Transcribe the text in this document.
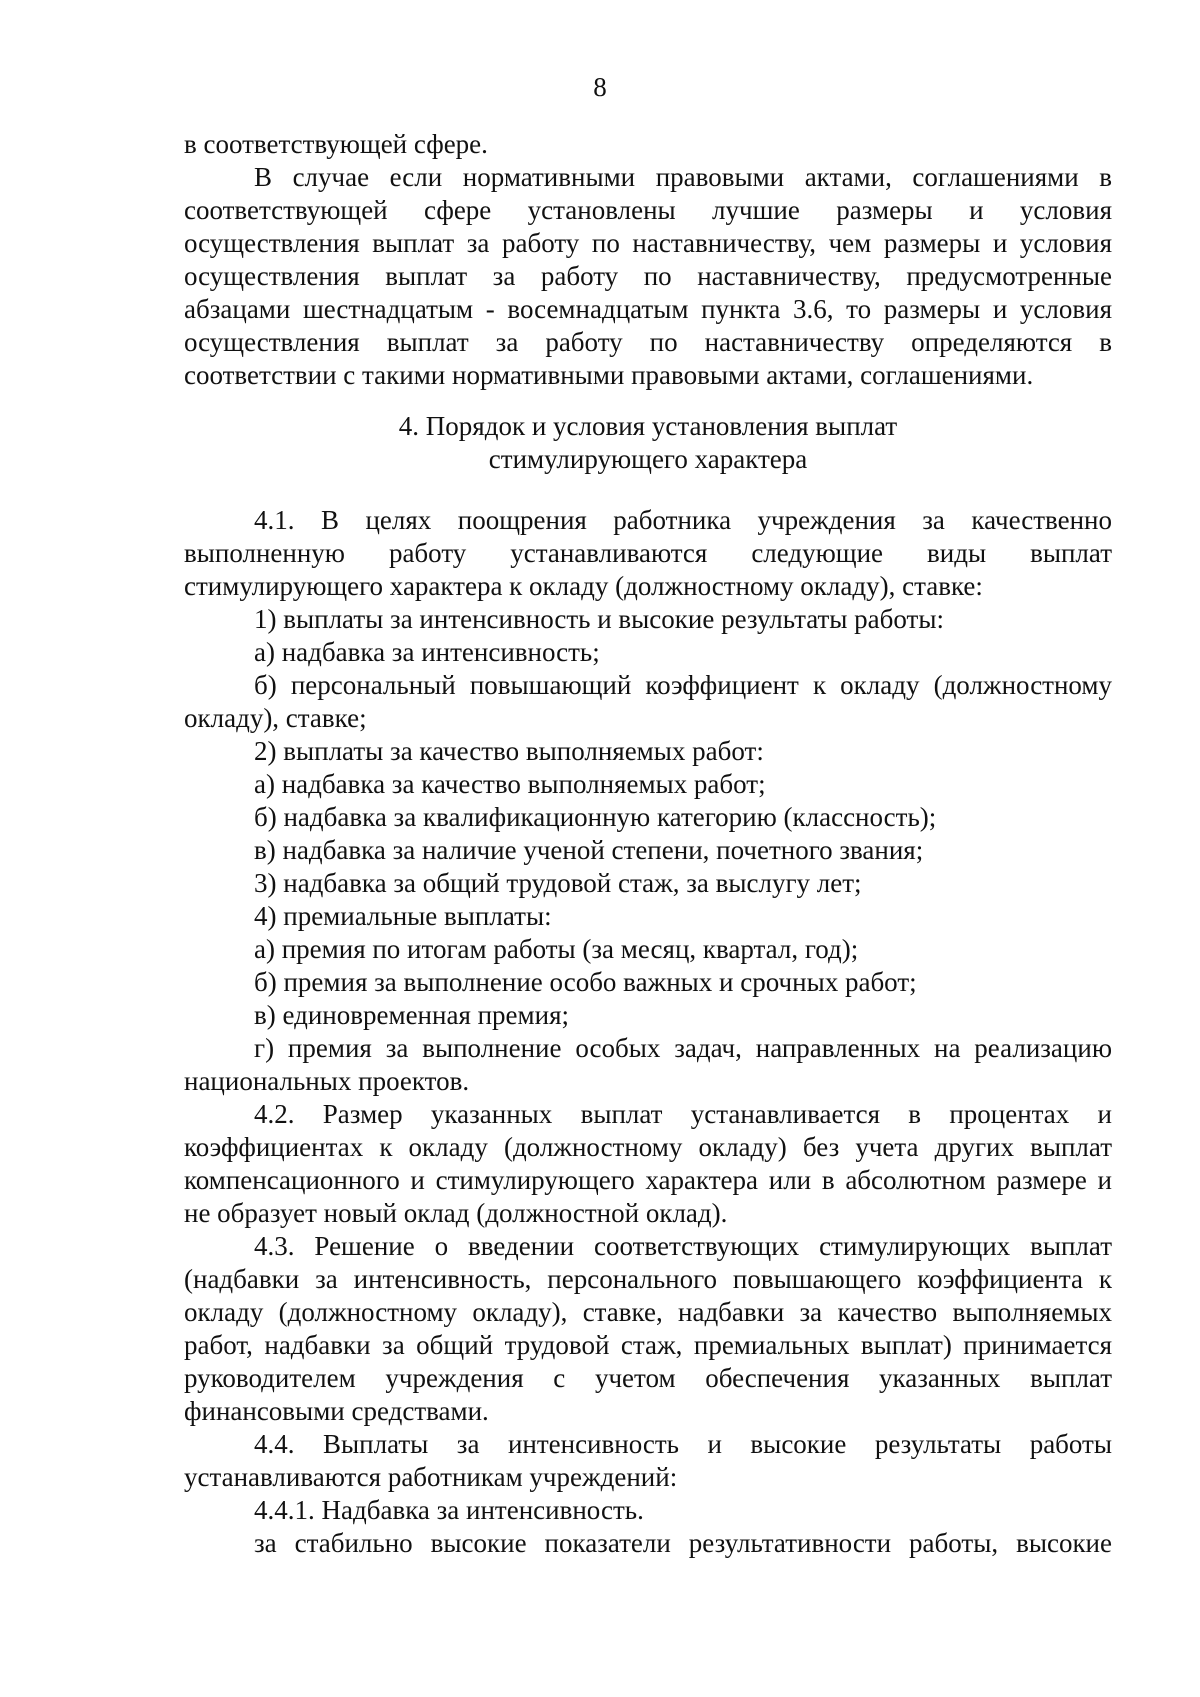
8

в соответствующей сфере.

В случае если нормативными правовыми актами, соглашениями в соответствующей сфере установлены лучшие размеры и условия осуществления выплат за работу по наставничеству, чем размеры и условия осуществления выплат за работу по наставничеству, предусмотренные абзацами шестнадцатым - восемнадцатым пункта 3.6, то размеры и условия осуществления выплат за работу по наставничеству определяются в соответствии с такими нормативными правовыми актами, соглашениями.

4. Порядок и условия установления выплат
стимулирующего характера

4.1. В целях поощрения работника учреждения за качественно выполненную работу устанавливаются следующие виды выплат стимулирующего характера к окладу (должностному окладу), ставке:

1) выплаты за интенсивность и высокие результаты работы:

а) надбавка за интенсивность;

б) персональный повышающий коэффициент к окладу (должностному окладу), ставке;

2) выплаты за качество выполняемых работ:

а) надбавка за качество выполняемых работ;

б) надбавка за квалификационную категорию (классность);

в) надбавка за наличие ученой степени, почетного звания;

3) надбавка за общий трудовой стаж, за выслугу лет;

4) премиальные выплаты:

а) премия по итогам работы (за месяц, квартал, год);

б) премия за выполнение особо важных и срочных работ;

в) единовременная премия;

г) премия за выполнение особых задач, направленных на реализацию национальных проектов.

4.2. Размер указанных выплат устанавливается в процентах и коэффициентах к окладу (должностному окладу) без учета других выплат компенсационного и стимулирующего характера или в абсолютном размере и не образует новый оклад (должностной оклад).

4.3. Решение о введении соответствующих стимулирующих выплат (надбавки за интенсивность, персонального повышающего коэффициента к окладу (должностному окладу), ставке, надбавки за качество выполняемых работ, надбавки за общий трудовой стаж, премиальных выплат) принимается руководителем учреждения с учетом обеспечения указанных выплат финансовыми средствами.

4.4. Выплаты за интенсивность и высокие результаты работы устанавливаются работникам учреждений:

4.4.1. Надбавка за интенсивность.

за стабильно высокие показатели результативности работы, высокие
